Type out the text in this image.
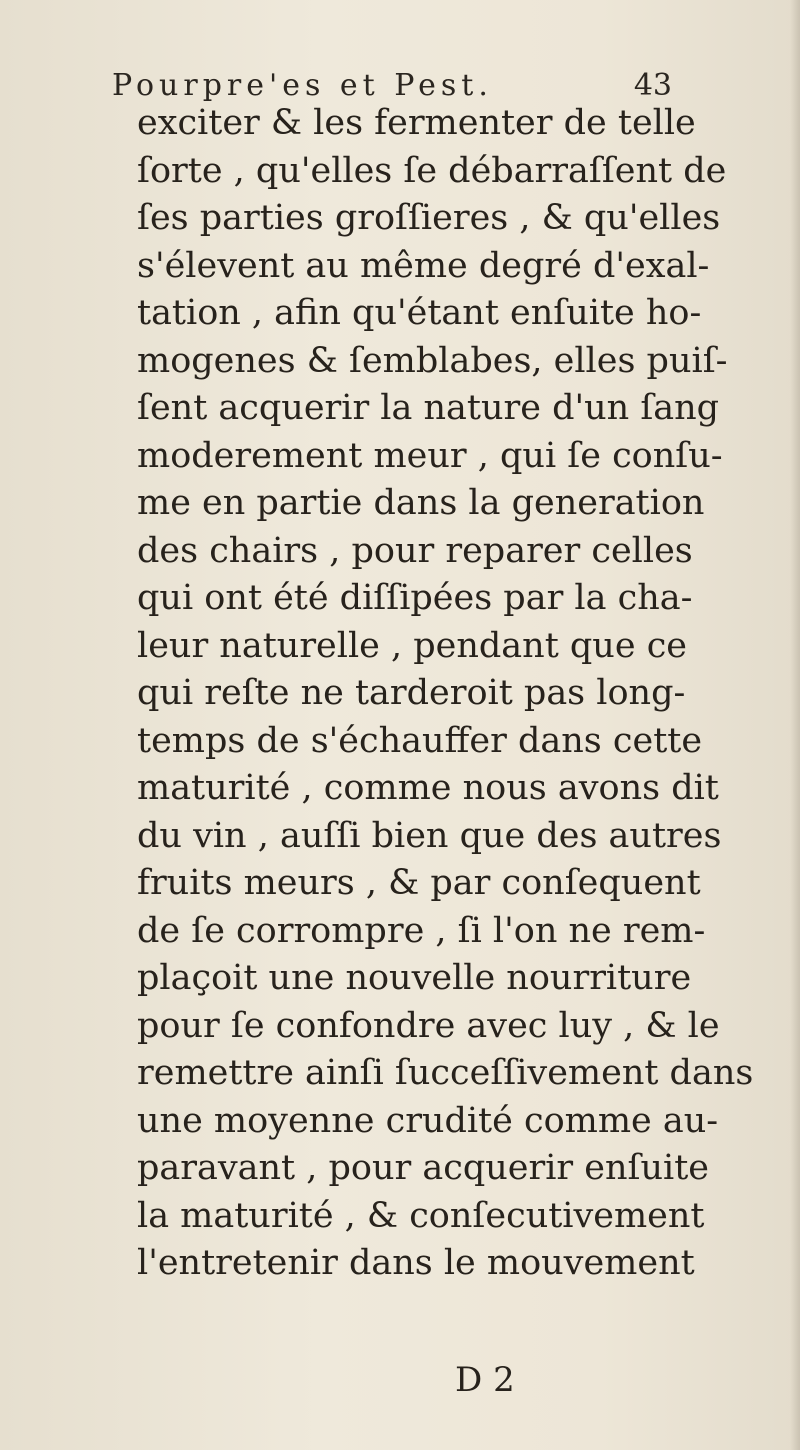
Pourpre'es et Pest.	43
exciter & les fermenter de telle
ſorte , qu'elles ſe débarraſſent de
ſes parties groſſieres , & qu'elles
s'élevent au même degré d'exal-
tation , afin qu'étant enſuite ho-
mogenes & ſemblabes, elles puiſ-
ſent acquerir la nature d'un ſang
moderement meur , qui ſe conſu-
me en partie dans la generation
des chairs , pour reparer celles
qui ont été diſſipées par la cha-
leur naturelle , pendant que ce
qui reſte ne tarderoit pas long-
temps de s'échauffer dans cette
maturité , comme nous avons dit
du vin , auſſi bien que des autres
fruits meurs , & par conſequent
de ſe corrompre , ſi l'on ne rem-
plaçoit une nouvelle nourriture
pour ſe confondre avec luy , & le
remettre ainſi ſucceſſivement dans
une moyenne crudité comme au-
paravant , pour acquerir enſuite
la maturité , & conſecutivement
l'entretenir dans le mouvement
D 2
